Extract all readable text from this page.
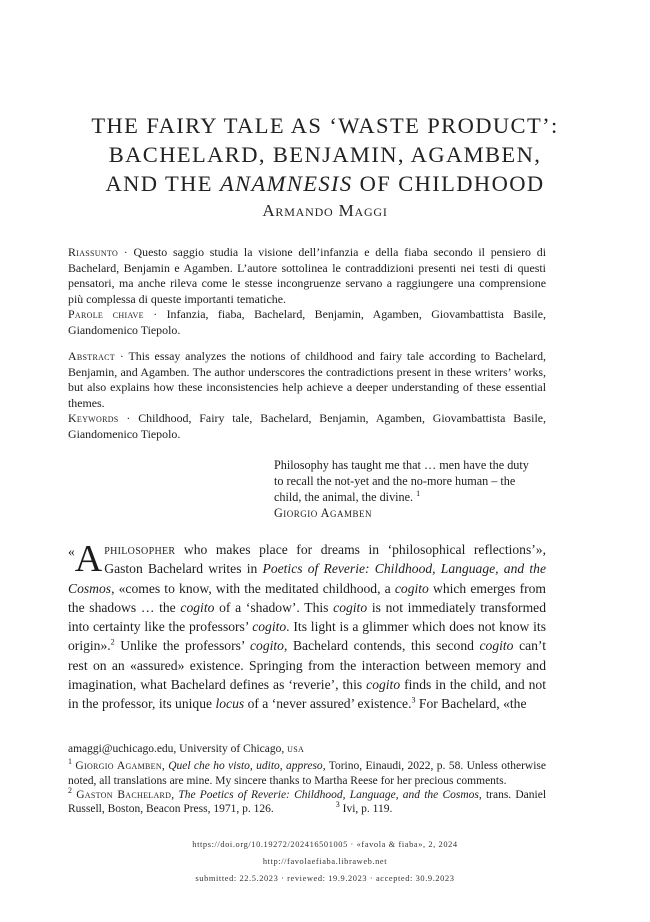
THE FAIRY TALE AS ‘WASTE PRODUCT’:
BACHELARD, BENJAMIN, AGAMBEN,
AND THE ANAMNESIS OF CHILDHOOD
Armando Maggi

Riassunto · Questo saggio studia la visione dell’infanzia e della fiaba secondo il pensiero di Bachelard, Benjamin e Agamben. L’autore sottolinea le contraddizioni presenti nei testi di questi pensatori, ma anche rileva come le stesse incongruenze servano a raggiungere una comprensione più complessa di queste importanti tematiche.

Parole chiave · Infanzia, fiaba, Bachelard, Benjamin, Agamben, Giovambattista Basile, Giandomenico Tiepolo.

Abstract · This essay analyzes the notions of childhood and fairy tale according to Bachelard, Benjamin, and Agamben. The author underscores the contradictions present in these writers’ works, but also explains how these inconsistencies help achieve a deeper understanding of these essential themes.

Keywords · Childhood, Fairy tale, Bachelard, Benjamin, Agamben, Giovambattista Basile, Giandomenico Tiepolo.

Philosophy has taught me that … men have the duty to recall the not-yet and the no-more human – the child, the animal, the divine. $^1$
Giorgio Agamben

« A philosopher who makes place for dreams in ‘philosophical reflections’», Gaston Bachelard writes in Poetics of Reverie: Childhood, Language, and the Cosmos, «comes to know, with the meditated childhood, a cogito which emerges from the shadows … the cogito of a ‘shadow’. This cogito is not immediately transformed into certainty like the professors’ cogito. Its light is a glimmer which does not know its origin».$^2$ Unlike the professors’ cogito, Bachelard contends, this second cogito can’t rest on an «assured» existence. Springing from the interaction between memory and imagination, what Bachelard defines as ‘reverie’, this cogito finds in the child, and not in the professor, its unique locus of a ‘never assured’ existence.$^3$ For Bachelard, «the

amaggi@uchicago.edu, University of Chicago, usa

$^1$ Giorgio Agamben, Quel che ho visto, udito, appreso, Torino, Einaudi, 2022, p. 58. Unless otherwise noted, all translations are mine. My sincere thanks to Martha Reese for her precious comments.

$^2$ Gaston Bachelard, The Poetics of Reverie: Childhood, Language, and the Cosmos, trans. Daniel Russell, Boston, Beacon Press, 1971, p. 126.	$^3$ Ivi, p. 119.

https://doi.org/10.19272/202416501005 · «favola & fiaba», 2, 2024
http://favolaefiaba.libraweb.net
submitted: 22.5.2023 · reviewed: 19.9.2023 · accepted: 30.9.2023
